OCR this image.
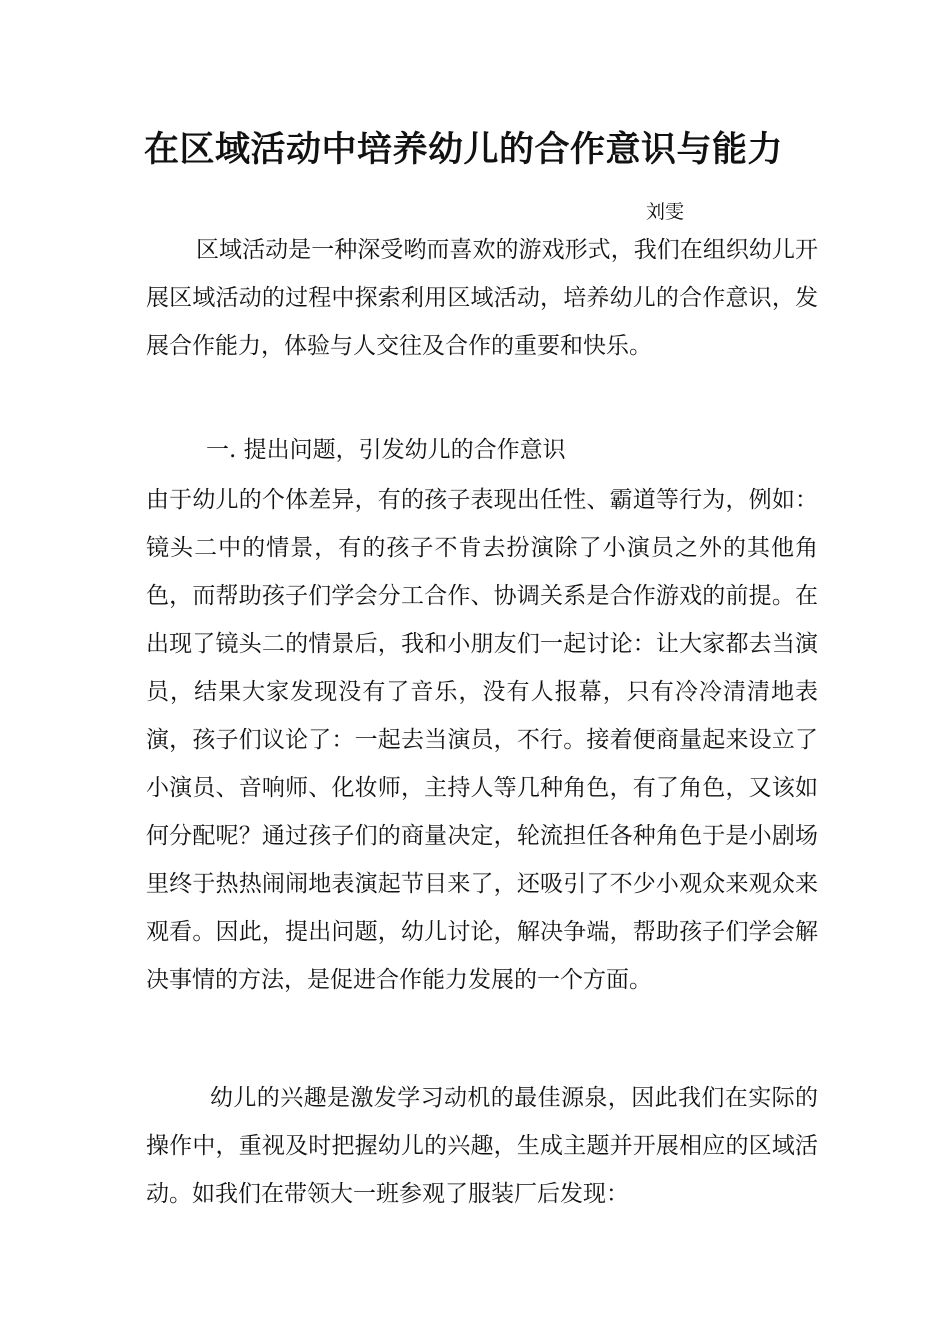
在区域活动中培养幼儿的合作意识与能力
刘雯

区域活动是一种深受哟而喜欢的游戏形式，我们在组织幼儿开展区域活动的过程中探索利用区域活动，培养幼儿的合作意识，发展合作能力，体验与人交往及合作的重要和快乐。

一. 提出问题，引发幼儿的合作意识

由于幼儿的个体差异，有的孩子表现出任性、霸道等行为，例如：镜头二中的情景，有的孩子不肯去扮演除了小演员之外的其他角色，而帮助孩子们学会分工合作、协调关系是合作游戏的前提。在出现了镜头二的情景后，我和小朋友们一起讨论：让大家都去当演员，结果大家发现没有了音乐，没有人报幕，只有冷冷清清地表演，孩子们议论了：一起去当演员，不行。接着便商量起来设立了小演员、音响师、化妆师，主持人等几种角色，有了角色，又该如何分配呢？通过孩子们的商量决定，轮流担任各种角色于是小剧场里终于热热闹闹地表演起节目来了，还吸引了不少小观众来观众来观看。因此，提出问题，幼儿讨论，解决争端，帮助孩子们学会解决事情的方法，是促进合作能力发展的一个方面。

幼儿的兴趣是激发学习动机的最佳源泉，因此我们在实际的操作中，重视及时把握幼儿的兴趣，生成主题并开展相应的区域活动。如我们在带领大一班参观了服装厂后发现：
